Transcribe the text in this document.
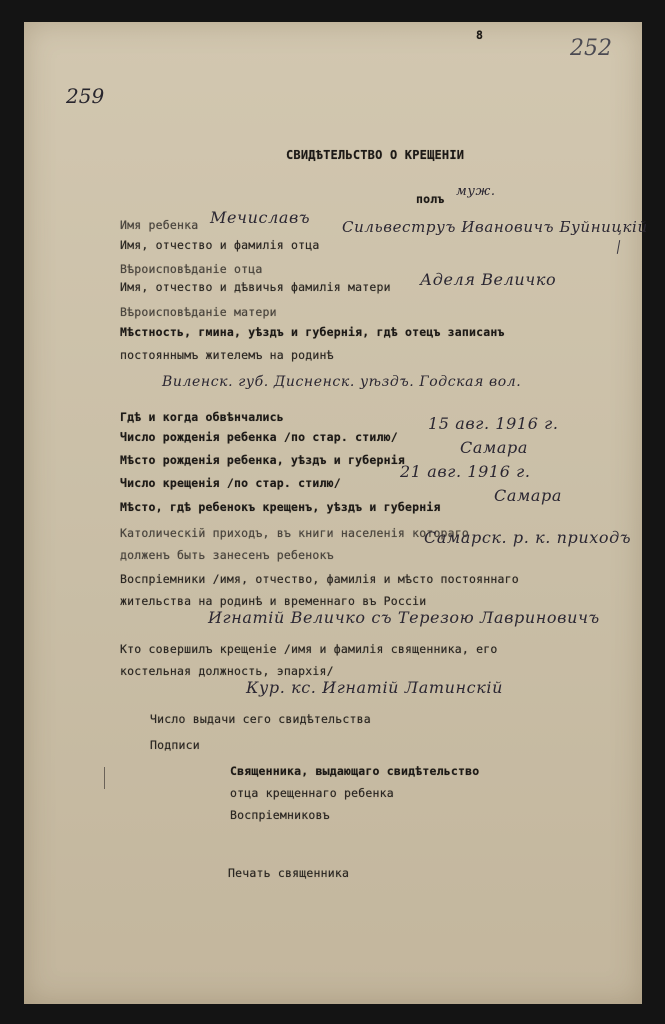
252
259
8
СВИДѢТЕЛЬСТВО О КРЕЩЕНІИ
полъ муж.
Имя ребенка Мечиславъ
Имя, отчество и фамилія отца
Сильвеструъ Ивановичъ Буйницкій
Вѣроисповѣданіе отца
Имя, отчество и дѣвичья фамилія матери Аделя Величко
Вѣроисповѣданіе матери
Мѣстность, гмина, уѣздъ и губернія, гдѣ отецъ записанъ
постояннымъ жителемъ на родинѣ
Виленск. губ. Дисненск. уѣздъ. Годская вол.
Гдѣ и когда обвѣнчались
Число рожденія ребенка /по стар. стилю/
15 авг. 1916 г.
Мѣсто рожденія ребенка, уѣздъ и губернія
Самара
Число крещенія /по стар. стилю/
21 авг. 1916 г.
Мѣсто, гдѣ ребенокъ крещенъ, уѣздъ и губернія
Самара
Католическій приходъ, въ книги населенія котораго
долженъ быть занесенъ ребенокъ
Самарск. р. к. приходъ
Воспріемники /имя, отчество, фамилія и мѣсто постояннаго
жительства на родинѣ и временнаго въ Россіи
Игнатій Величко съ Терезою Лавриновичъ
Кто совершилъ крещеніе /имя и фамилія священника, его
костельная должность, эпархія/
Кур. кс. Игнатій Латинскій
Число выдачи сего свидѣтельства
Подписи
Священника, выдающаго свидѣтельство
отца крещеннаго ребенка
Воспріемниковъ
Печать священника
